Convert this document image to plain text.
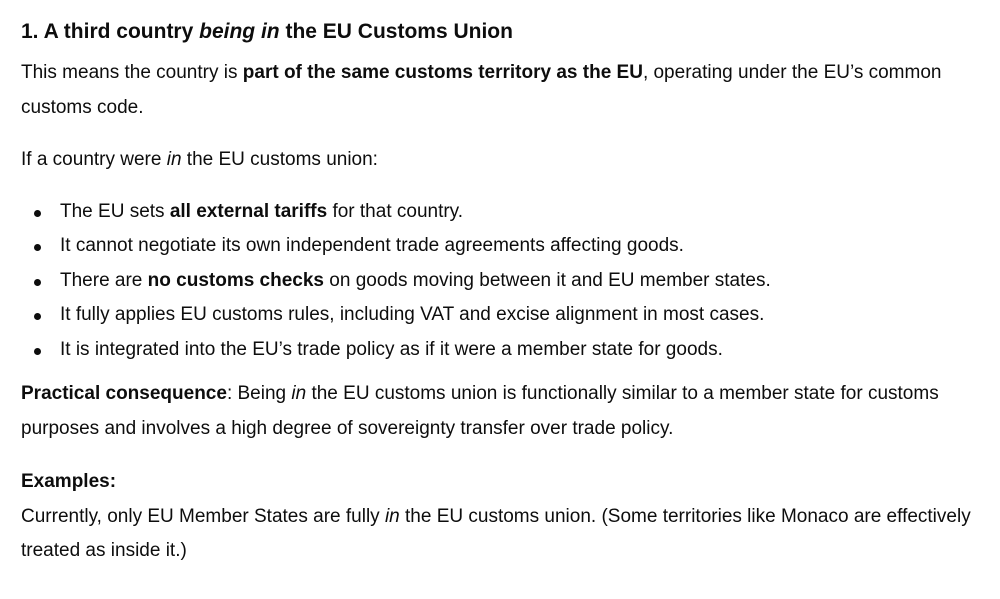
1. A third country being in the EU Customs Union

This means the country is part of the same customs territory as the EU, operating under the EU’s common customs code.

If a country were in the EU customs union:

The EU sets all external tariffs for that country.
It cannot negotiate its own independent trade agreements affecting goods.
There are no customs checks on goods moving between it and EU member states.
It fully applies EU customs rules, including VAT and excise alignment in most cases.
It is integrated into the EU’s trade policy as if it were a member state for goods.

Practical consequence: Being in the EU customs union is functionally similar to a member state for customs purposes and involves a high degree of sovereignty transfer over trade policy.

Examples:

Currently, only EU Member States are fully in the EU customs union. (Some territories like Monaco are effectively treated as inside it.)
